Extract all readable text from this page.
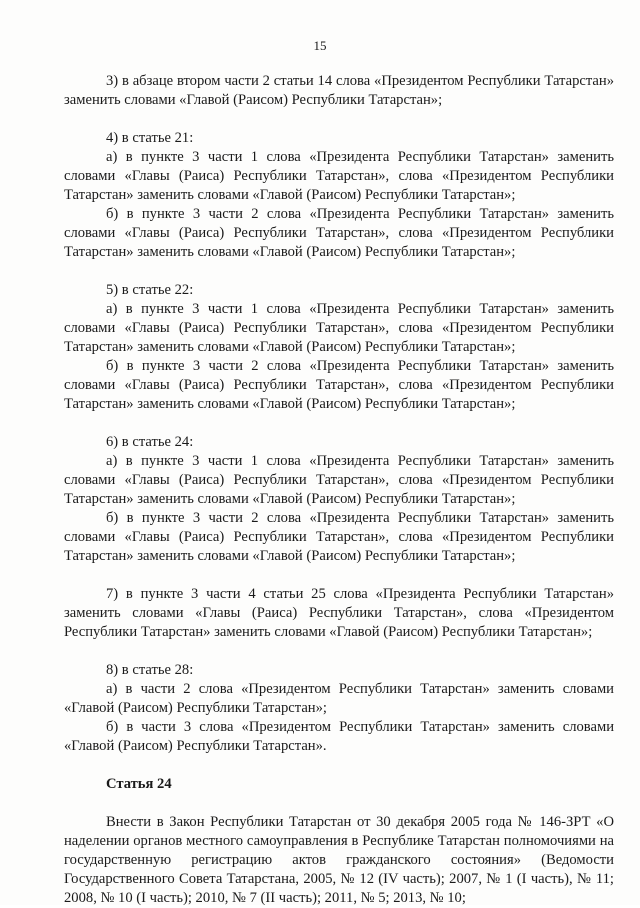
15

3) в абзаце втором части 2 статьи 14 слова «Президентом Республики Татарстан» заменить словами «Главой (Раисом) Республики Татарстан»;

4) в статье 21:

а) в пункте 3 части 1 слова «Президента Республики Татарстан» заменить словами «Главы (Раиса) Республики Татарстан», слова «Президентом Республики Татарстан» заменить словами «Главой (Раисом) Республики Татарстан»;

б) в пункте 3 части 2 слова «Президента Республики Татарстан» заменить словами «Главы (Раиса) Республики Татарстан», слова «Президентом Республики Татарстан» заменить словами «Главой (Раисом) Республики Татарстан»;

5) в статье 22:

а) в пункте 3 части 1 слова «Президента Республики Татарстан» заменить словами «Главы (Раиса) Республики Татарстан», слова «Президентом Республики Татарстан» заменить словами «Главой (Раисом) Республики Татарстан»;

б) в пункте 3 части 2 слова «Президента Республики Татарстан» заменить словами «Главы (Раиса) Республики Татарстан», слова «Президентом Республики Татарстан» заменить словами «Главой (Раисом) Республики Татарстан»;

6) в статье 24:

а) в пункте 3 части 1 слова «Президента Республики Татарстан» заменить словами «Главы (Раиса) Республики Татарстан», слова «Президентом Республики Татарстан» заменить словами «Главой (Раисом) Республики Татарстан»;

б) в пункте 3 части 2 слова «Президента Республики Татарстан» заменить словами «Главы (Раиса) Республики Татарстан», слова «Президентом Республики Татарстан» заменить словами «Главой (Раисом) Республики Татарстан»;

7) в пункте 3 части 4 статьи 25 слова «Президента Республики Татарстан» заменить словами «Главы (Раиса) Республики Татарстан», слова «Президентом Республики Татарстан» заменить словами «Главой (Раисом) Республики Татарстан»;

8) в статье 28:

а) в части 2 слова «Президентом Республики Татарстан» заменить словами «Главой (Раисом) Республики Татарстан»;

б) в части 3 слова «Президентом Республики Татарстан» заменить словами «Главой (Раисом) Республики Татарстан».

Статья 24

Внести в Закон Республики Татарстан от 30 декабря 2005 года № 146-ЗРТ «О наделении органов местного самоуправления в Республике Татарстан полномочиями на государственную регистрацию актов гражданского состояния» (Ведомости Государственного Совета Татарстана, 2005, № 12 (IV часть); 2007, № 1 (I часть), № 11; 2008, № 10 (I часть); 2010, № 7 (II часть); 2011, № 5; 2013, № 10;
